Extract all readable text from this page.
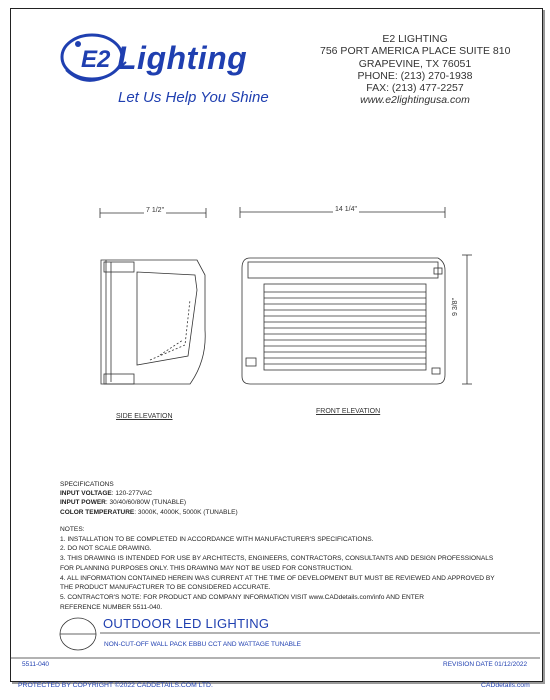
E2 Lighting
Let Us Help You Shine
E2 LIGHTING
756 PORT AMERICA PLACE SUITE 810
GRAPEVINE, TX 76051
PHONE: (213) 270-1938
FAX: (213) 477-2257
www.e2lightingusa.com
7 1/2"	14 1/4"
9 3/8"
SIDE ELEVATION
FRONT ELEVATION
SPECIFICATIONS
INPUT VOLTAGE: 120-277VAC
INPUT POWER: 30/40/60/80W (TUNABLE)
COLOR TEMPERATURE: 3000K, 4000K, 5000K (TUNABLE)
NOTES:
1. INSTALLATION TO BE COMPLETED IN ACCORDANCE WITH MANUFACTURER'S SPECIFICATIONS.
2. DO NOT SCALE DRAWING.
3. THIS DRAWING IS INTENDED FOR USE BY ARCHITECTS, ENGINEERS, CONTRACTORS, CONSULTANTS AND DESIGN PROFESSIONALS
FOR PLANNING PURPOSES ONLY. THIS DRAWING MAY NOT BE USED FOR CONSTRUCTION.
4. ALL INFORMATION CONTAINED HEREIN WAS CURRENT AT THE TIME OF DEVELOPMENT BUT MUST BE REVIEWED AND APPROVED BY
THE PRODUCT MANUFACTURER TO BE CONSIDERED ACCURATE.
5. CONTRACTOR'S NOTE: FOR PRODUCT AND COMPANY INFORMATION VISIT www.CADdetails.com/info AND ENTER
REFERENCE NUMBER 5511-040.
OUTDOOR LED LIGHTING
NON-CUT-OFF WALL PACK EBBU CCT AND WATTAGE TUNABLE
5511-040	REVISION DATE 01/12/2022
PROTECTED BY COPYRIGHT ©2022 CADDETAILS.COM LTD.	CADdetails.com
